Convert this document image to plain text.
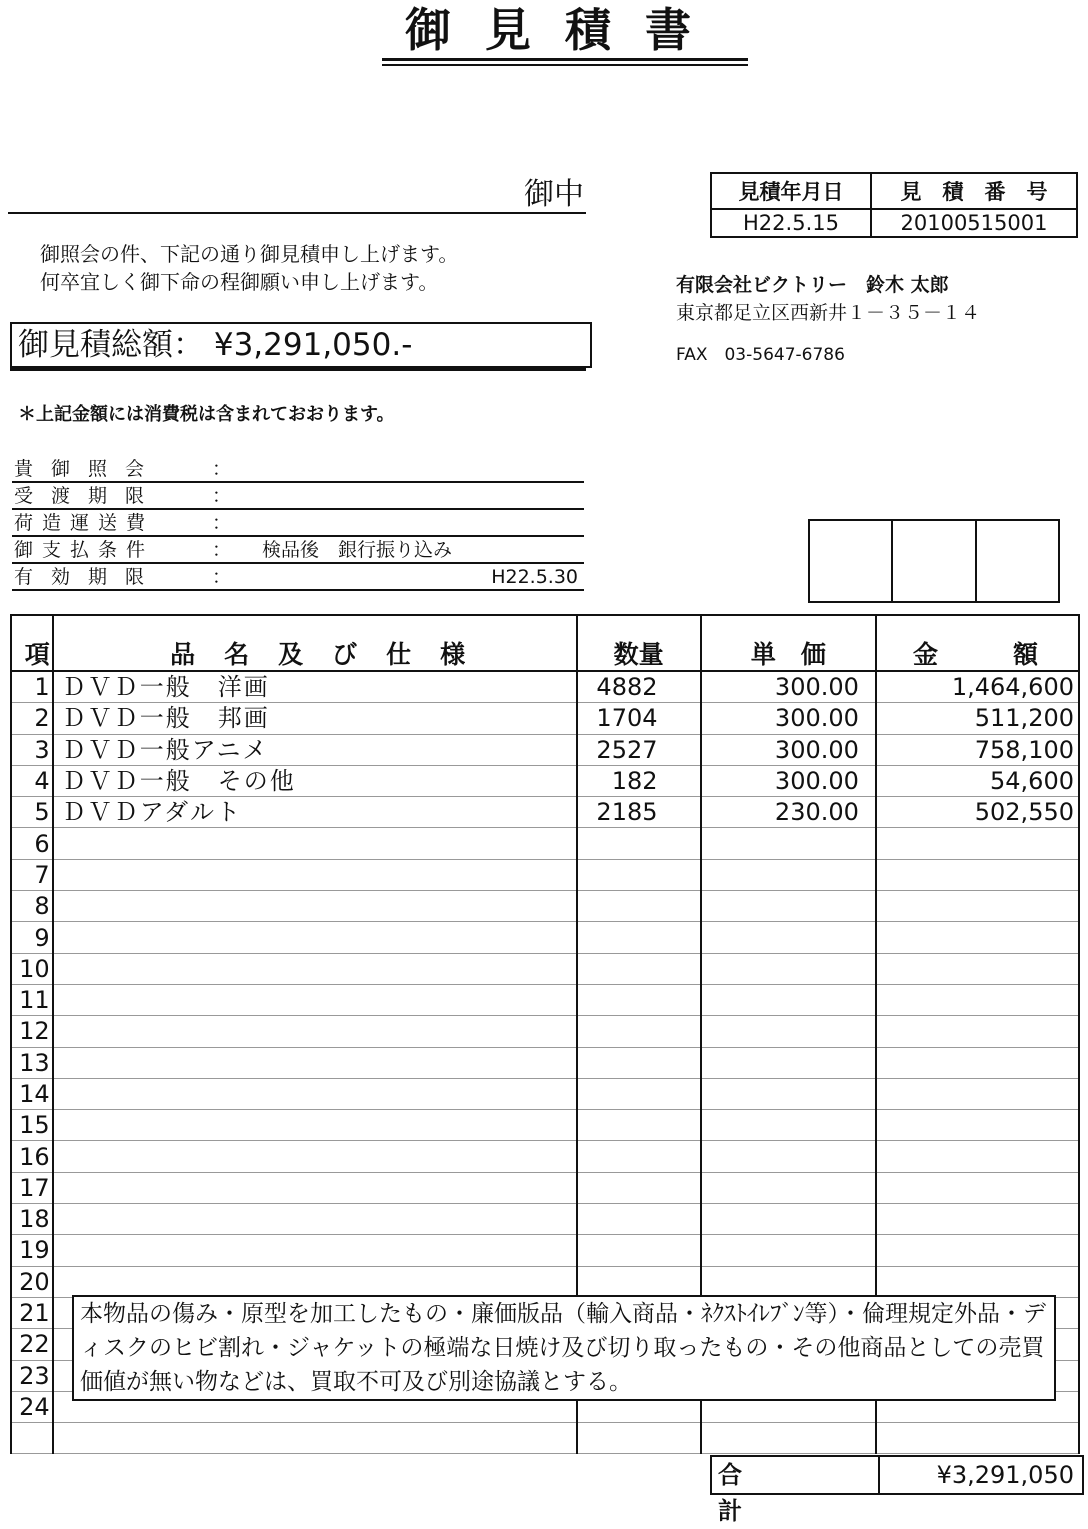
御見積書
御中	見積年月日	見　積　番　号
H22.5.15	20100515001
御照会の件、下記の通り御見積申し上げます。
何卒宜しく御下命の程御願い申し上げます。	有限会社ビクトリー　鈴木 太郎
東京都足立区西新井１－３５－１４
FAX　03-5647-6786
御見積総額： ¥3,291,050.-
＊上記金額には消費税は含まれておおります。
貴御照会	：
受渡期限	：
荷造運送費	：
御支払条件	： 検品後　銀行振り込み
有効期限	：	H22.5.30
項	品　名　及　び　仕　様	数量	単　価	金　　　額
1	ＤＶＤ一般　洋画	4882	300.00	1,464,600
2	ＤＶＤ一般　邦画	1704	300.00	511,200
3	ＤＶＤ一般アニメ	2527	300.00	758,100
4	ＤＶＤ一般　その他	182	300.00	54,600
5	ＤＶＤアダルト	2185	230.00	502,550
6				
7				
8				
9				
10				
11				
12				
13				
14				
15				
16				
17				
18				
19				
20				
21				
22				
23				
24				

本物品の傷み・原型を加工したもの・廉価版品（輸入商品・ﾈｸｽﾄｲﾚﾌﾞﾝ等）・倫理規定外品・ディスクのヒビ割れ・ジャケットの極端な日焼け及び切り取ったもの・その他商品としての売買価値が無い物などは、買取不可及び別途協議とする。
合計
¥3,291,050
